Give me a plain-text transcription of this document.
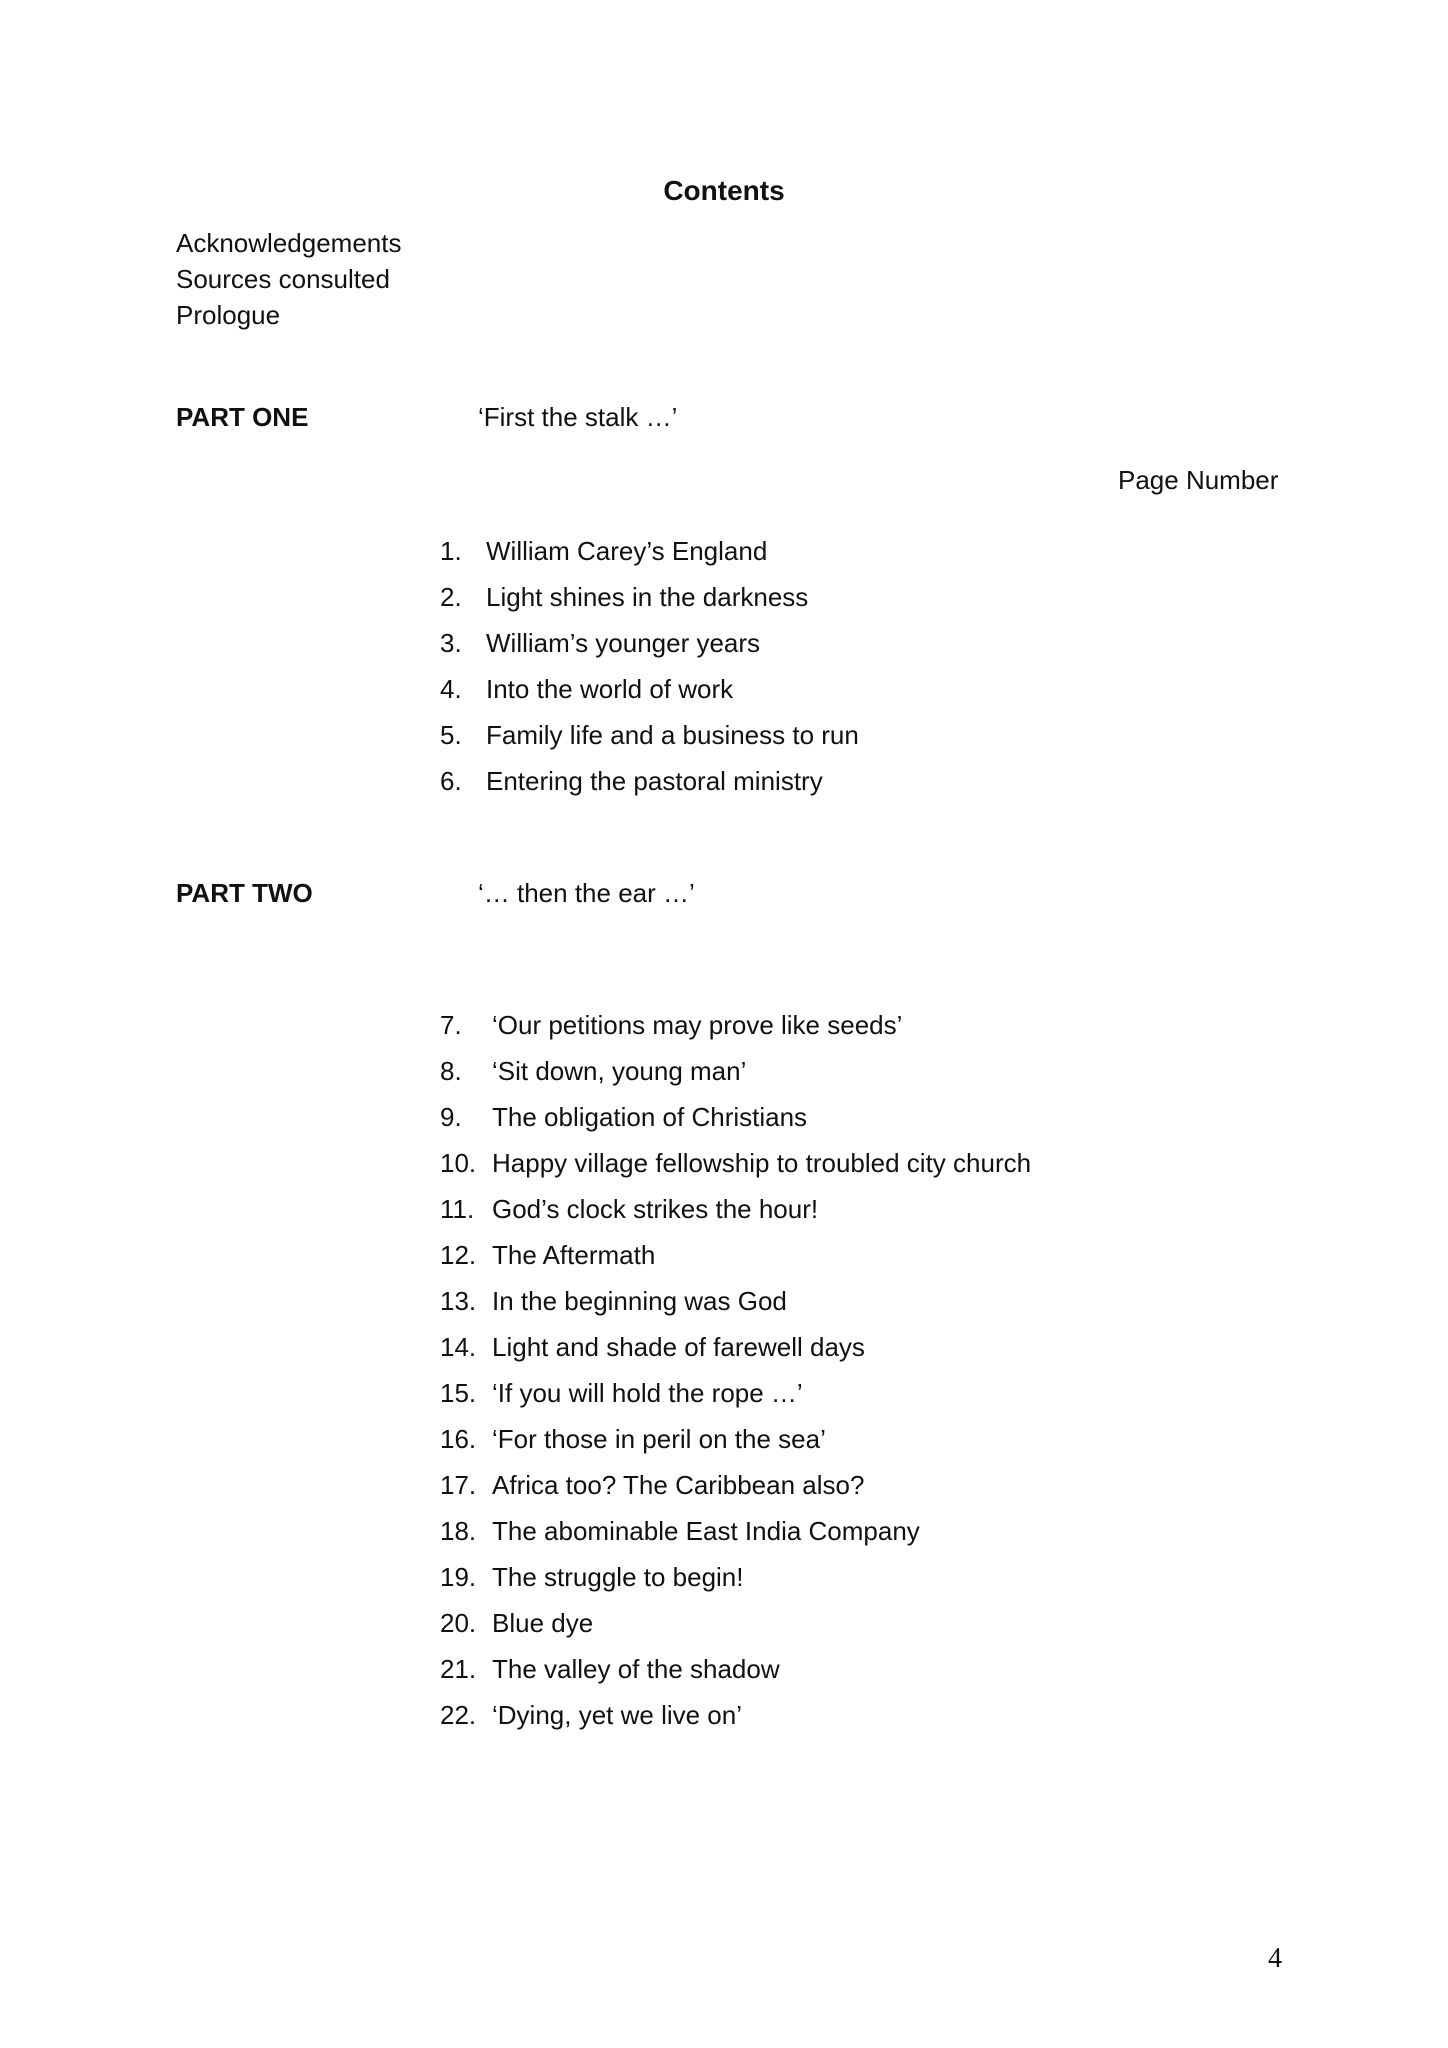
Contents
Acknowledgements
Sources consulted
Prologue
PART ONE	‘First the stalk …’
Page Number
1. William Carey’s England
2. Light shines in the darkness
3. William’s younger years
4. Into the world of work
5. Family life and a business to run
6. Entering the pastoral ministry
PART TWO	‘… then the ear …’
7. ‘Our petitions may prove like seeds’
8. ‘Sit down, young man’
9. The obligation of Christians
10. Happy village fellowship to troubled city church
11. God’s clock strikes the hour!
12. The Aftermath
13. In the beginning was God
14. Light and shade of farewell days
15. ‘If you will hold the rope …’
16. ‘For those in peril on the sea’
17. Africa too? The Caribbean also?
18. The abominable East India Company
19. The struggle to begin!
20. Blue dye
21. The valley of the shadow
22. ‘Dying, yet we live on’
4
